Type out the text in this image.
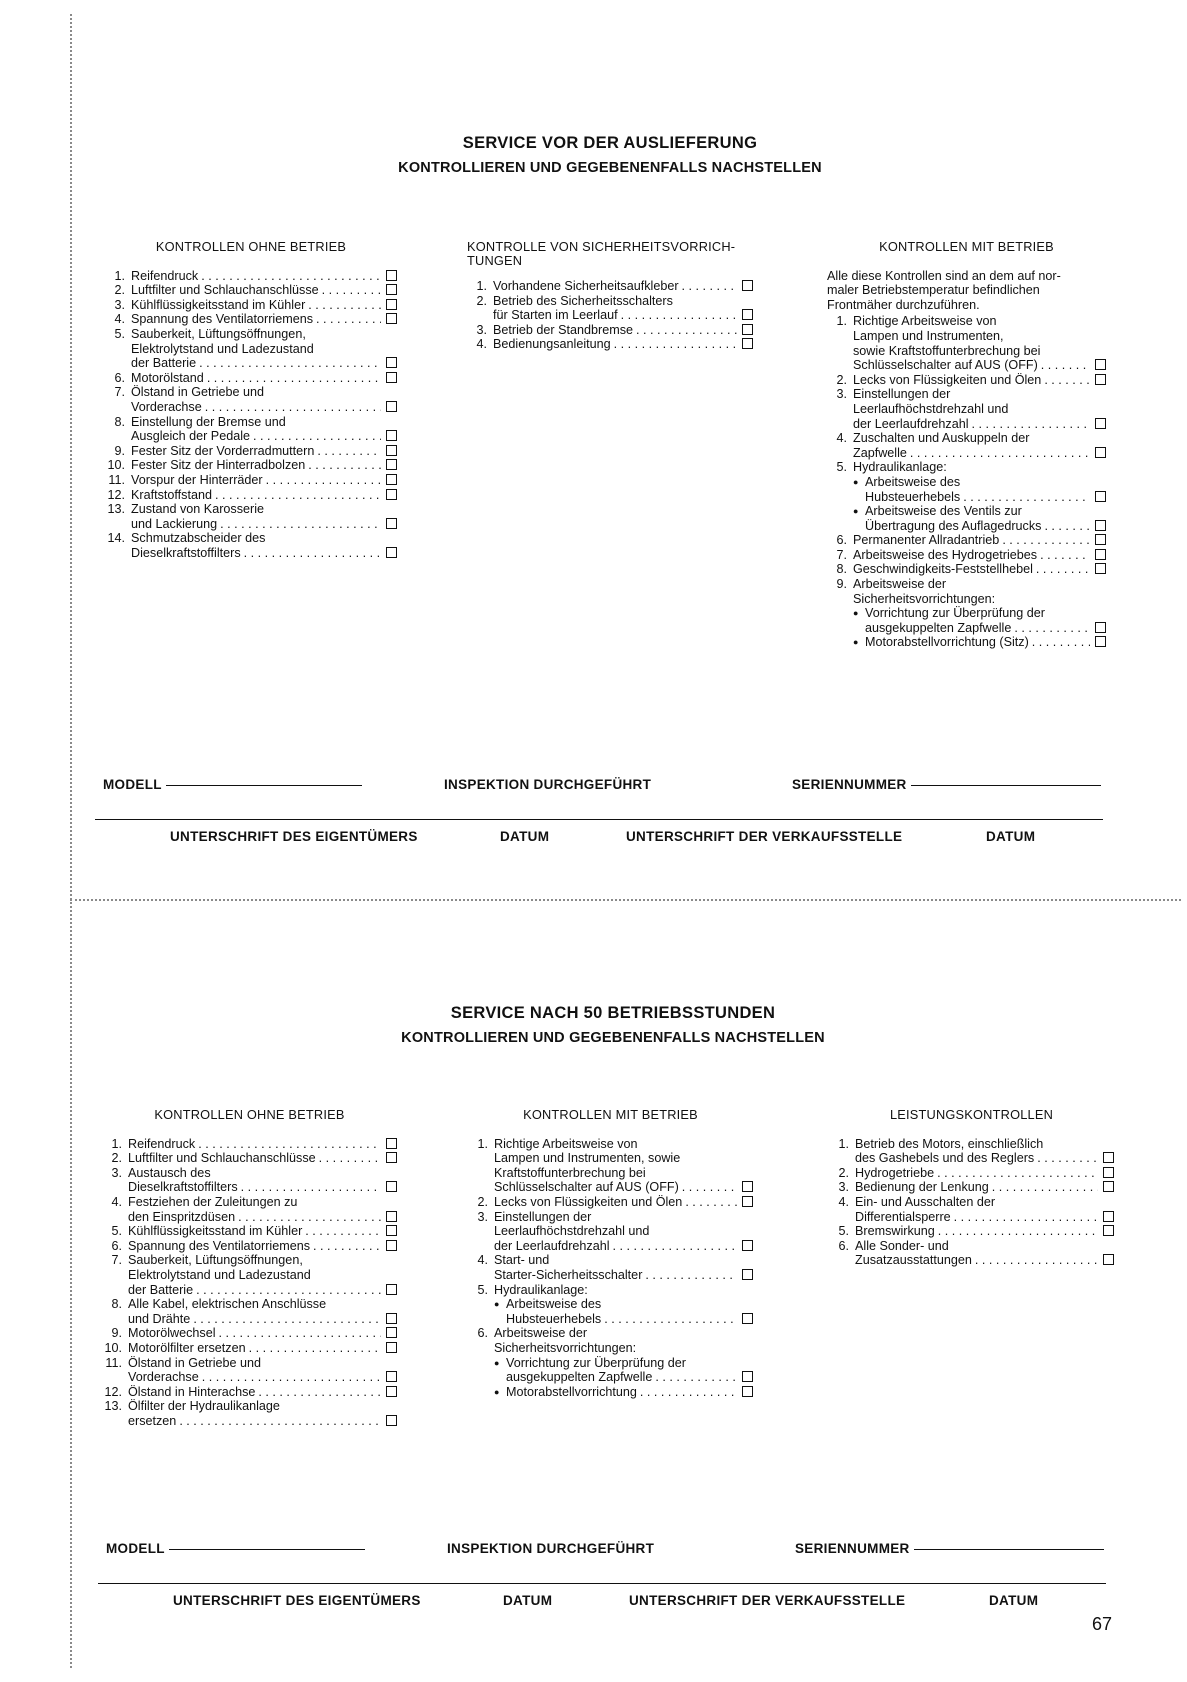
SERVICE VOR DER AUSLIEFERUNG
KONTROLLIEREN UND GEGEBENENFALLS NACHSTELLEN
KONTROLLEN OHNE BETRIEB
1. Reifendruck
. . .
2. Luftfilter und Schlauchanschlüsse
. . .
3. Kühlflüssigkeitsstand im Kühler
. . .
4. Spannung des Ventilatorriemens
. . .
5. Sauberkeit, Lüftungsöffnungen,
Elektrolytstand und Ladezustand
der Batterie
. . .
6. Motorölstand
. . .
7. Ölstand in Getriebe und
Vorderachse
. . .
8. Einstellung der Bremse und
Ausgleich der Pedale
. . .
9. Fester Sitz der Vorderradmuttern
. . .
10. Fester Sitz der Hinterradbolzen
. . .
11. Vorspur der Hinterräder
. . .
12. Kraftstoffstand
. . .
13. Zustand von Karosserie
und Lackierung
. . .
14. Schmutzabscheider des
Dieselkraftstoffilters
. . .
KONTROLLE VON SICHERHEITSVORRICH-
TUNGEN
1. Vorhandene Sicherheitsaufkleber
. . .
2. Betrieb des Sicherheitsschalters
für Starten im Leerlauf
. . .
3. Betrieb der Standbremse
. . .
4. Bedienungsanleitung
. . .
KONTROLLEN MIT BETRIEB
Alle diese Kontrollen sind an dem auf nor-
maler Betriebstemperatur befindlichen
Frontmäher durchzuführen.
1. Richtige Arbeitsweise von
Lampen und Instrumenten,
sowie Kraftstoffunterbrechung bei
Schlüsselschalter auf AUS (OFF)
. . .
2. Lecks von Flüssigkeiten und Ölen
. . .
3. Einstellungen der
Leerlaufhöchstdrehzahl und
der Leerlaufdrehzahl
. . .
4. Zuschalten und Auskuppeln der
Zapfwelle
. . .
5. Hydraulikanlage:
● Arbeitsweise des
Hubsteuerhebels
. . .
● Arbeitsweise des Ventils zur
Übertragung des Auflagedrucks
. . .
6. Permanenter Allradantrieb
. . .
7. Arbeitsweise des Hydrogetriebes
. . .
8. Geschwindigkeits-Feststellhebel
. . .
9. Arbeitsweise der
Sicherheitsvorrichtungen:
● Vorrichtung zur Überprüfung der
ausgekuppelten Zapfwelle
. . .
● Motorabstellvorrichtung (Sitz)
. . .
MODELL	INSPEKTION DURCHGEFÜHRT	SERIENNUMMER
UNTERSCHRIFT DES EIGENTÜMERS	DATUM	UNTERSCHRIFT DER VERKAUFSSTELLE	DATUM
SERVICE NACH 50 BETRIEBSSTUNDEN
KONTROLLIEREN UND GEGEBENENFALLS NACHSTELLEN
KONTROLLEN OHNE BETRIEB
1. Reifendruck
. . .
2. Luftfilter und Schlauchanschlüsse
. . .
3. Austausch des
Dieselkraftstoffilters
. . .
4. Festziehen der Zuleitungen zu
den Einspritzdüsen
. . .
5. Kühlflüssigkeitsstand im Kühler
. . .
6. Spannung des Ventilatorriemens
. . .
7. Sauberkeit, Lüftungsöffnungen,
Elektrolytstand und Ladezustand
der Batterie
. . .
8. Alle Kabel, elektrischen Anschlüsse
und Drähte
. . .
9. Motorölwechsel
. . .
10. Motorölfilter ersetzen
. . .
11. Ölstand in Getriebe und
Vorderachse
. . .
12. Ölstand in Hinterachse
. . .
13. Ölfilter der Hydraulikanlage
ersetzen
. . .
KONTROLLEN MIT BETRIEB
1. Richtige Arbeitsweise von
Lampen und Instrumenten, sowie
Kraftstoffunterbrechung bei
Schlüsselschalter auf AUS (OFF)
. . .
2. Lecks von Flüssigkeiten und Ölen
. . .
3. Einstellungen der
Leerlaufhöchstdrehzahl und
der Leerlaufdrehzahl
. . .
4. Start- und
Starter-Sicherheitsschalter
. . .
5. Hydraulikanlage:
● Arbeitsweise des
Hubsteuerhebels
. . .
6. Arbeitsweise der
Sicherheitsvorrichtungen:
● Vorrichtung zur Überprüfung der
ausgekuppelten Zapfwelle
. . .
● Motorabstellvorrichtung
. . .
LEISTUNGSKONTROLLEN
1. Betrieb des Motors, einschließlich
des Gashebels und des Reglers
. . .
2. Hydrogetriebe
. . .
3. Bedienung der Lenkung
. . .
4. Ein- und Ausschalten der
Differentialsperre
. . .
5. Bremswirkung
. . .
6. Alle Sonder- und
Zusatzausstattungen
. . .
MODELL	INSPEKTION DURCHGEFÜHRT	SERIENNUMMER
UNTERSCHRIFT DES EIGENTÜMERS	DATUM	UNTERSCHRIFT DER VERKAUFSSTELLE	DATUM
67
